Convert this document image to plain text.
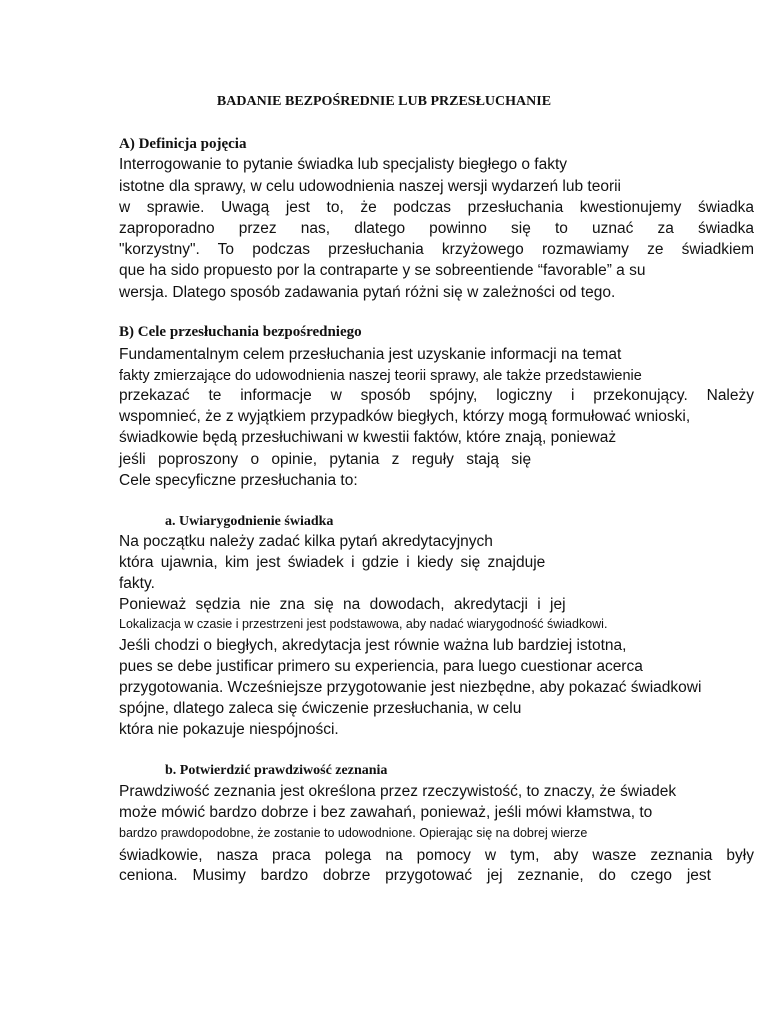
BADANIE BEZPOŚREDNIE LUB PRZESŁUCHANIE
A) Definicja pojęcia
Interrogowanie to pytanie świadka lub specjalisty biegłego o fakty
istotne dla sprawy, w celu udowodnienia naszej wersji wydarzeń lub teorii
w sprawie. Uwagą jest to, że podczas przesłuchania kwestionujemy świadka
zaproporadno przez nas, dlatego powinno się to uznać za świadka
"korzystny". To podczas przesłuchania krzyżowego rozmawiamy ze świadkiem
que ha sido propuesto por la contraparte y se sobreentiende “favorable” a su
wersja. Dlatego sposób zadawania pytań różni się w zależności od tego.
B) Cele przesłuchania bezpośredniego
Fundamentalnym celem przesłuchania jest uzyskanie informacji na temat
fakty zmierzające do udowodnienia naszej teorii sprawy, ale także przedstawienie
przekazać te informacje w sposób spójny, logiczny i przekonujący. Należy
wspomnieć, że z wyjątkiem przypadków biegłych, którzy mogą formułować wnioski,
świadkowie będą przesłuchiwani w kwestii faktów, które znają, ponieważ
jeśli poproszony o opinie, pytania z reguły stają się
Cele specyficzne przesłuchania to:
a. Uwiarygodnienie świadka
Na początku należy zadać kilka pytań akredytacyjnych
która ujawnia, kim jest świadek i gdzie i kiedy się znajduje
fakty.
Ponieważ sędzia nie zna się na dowodach, akredytacji i jej
Lokalizacja w czasie i przestrzeni jest podstawowa, aby nadać wiarygodność świadkowi.
Jeśli chodzi o biegłych, akredytacja jest równie ważna lub bardziej istotna,
pues se debe justificar primero su experiencia, para luego cuestionar acerca
przygotowania. Wcześniejsze przygotowanie jest niezbędne, aby pokazać świadkowi
spójne, dlatego zaleca się ćwiczenie przesłuchania, w celu
która nie pokazuje niespójności.
b. Potwierdzić prawdziwość zeznania
Prawdziwość zeznania jest określona przez rzeczywistość, to znaczy, że świadek
może mówić bardzo dobrze i bez zawahań, ponieważ, jeśli mówi kłamstwa, to
bardzo prawdopodobne, że zostanie to udowodnione. Opierając się na dobrej wierze
świadkowie, nasza praca polega na pomocy w tym, aby wasze zeznania były
ceniona. Musimy bardzo dobrze przygotować jej zeznanie, do czego jest
